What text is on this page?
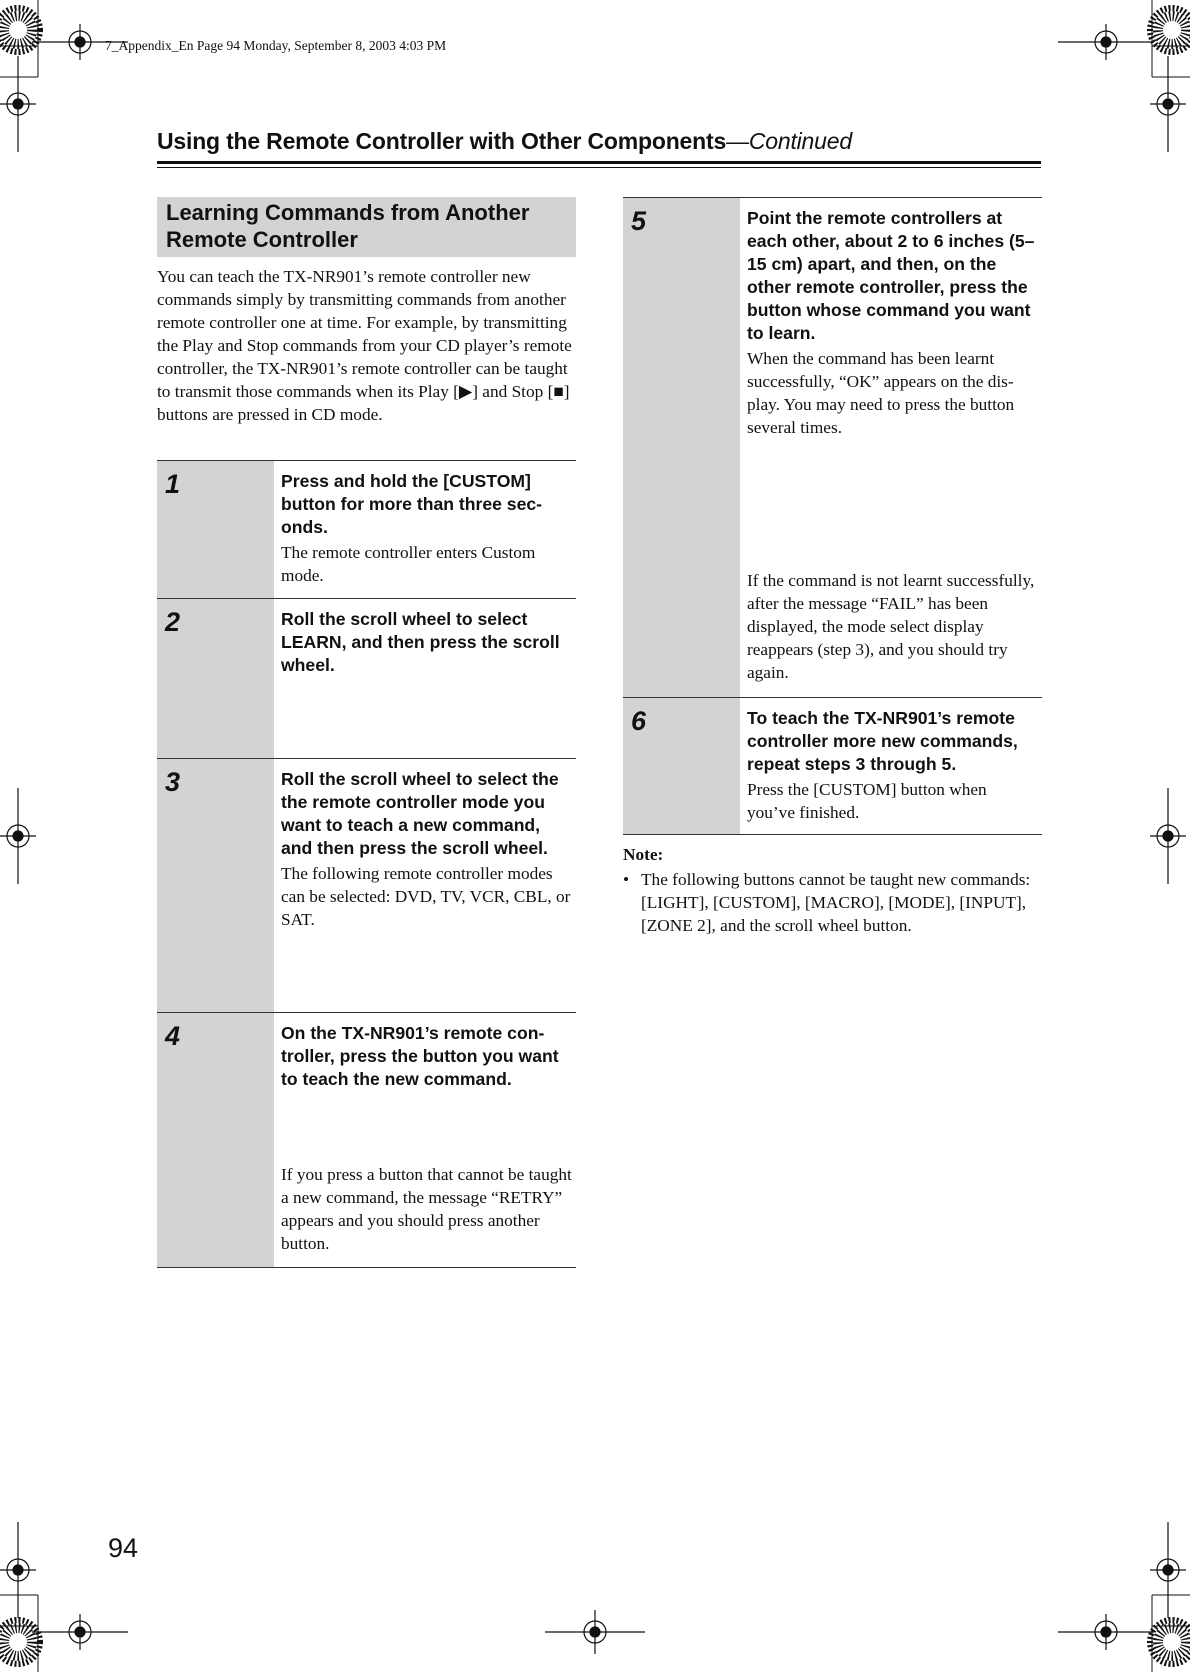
7_Appendix_En Page 94 Monday, September 8, 2003 4:03 PM
Using the Remote Controller with Other Components—Continued
Learning Commands from Another Remote Controller
You can teach the TX-NR901’s remote controller new commands simply by transmitting commands from another remote controller one at time. For example, by transmitting the Play and Stop commands from your CD player’s remote controller, the TX-NR901’s remote controller can be taught to transmit those commands when its Play [▶] and Stop [■] buttons are pressed in CD mode.
1	Press and hold the [CUSTOM] button for more than three seconds.
The remote controller enters Custom mode.
2	Roll the scroll wheel to select LEARN, and then press the scroll wheel.
3	Roll the scroll wheel to select the the remote controller mode you want to teach a new command, and then press the scroll wheel.
The following remote controller modes can be selected: DVD, TV, VCR, CBL, or SAT.
4	On the TX-NR901’s remote controller, press the button you want to teach the new command.
If you press a button that cannot be taught a new command, the message “RETRY” appears and you should press another button.
5	Point the remote controllers at each other, about 2 to 6 inches (5–15 cm) apart, and then, on the other remote controller, press the button whose command you want to learn.
When the command has been learnt successfully, “OK” appears on the display. You may need to press the button several times.
If the command is not learnt successfully, after the message “FAIL” has been displayed, the mode select display reappears (step 3), and you should try again.
6	To teach the TX-NR901’s remote controller more new commands, repeat steps 3 through 5.
Press the [CUSTOM] button when you’ve finished.
Note:
• The following buttons cannot be taught new commands: [LIGHT], [CUSTOM], [MACRO], [MODE], [INPUT], [ZONE 2], and the scroll wheel button.
94
